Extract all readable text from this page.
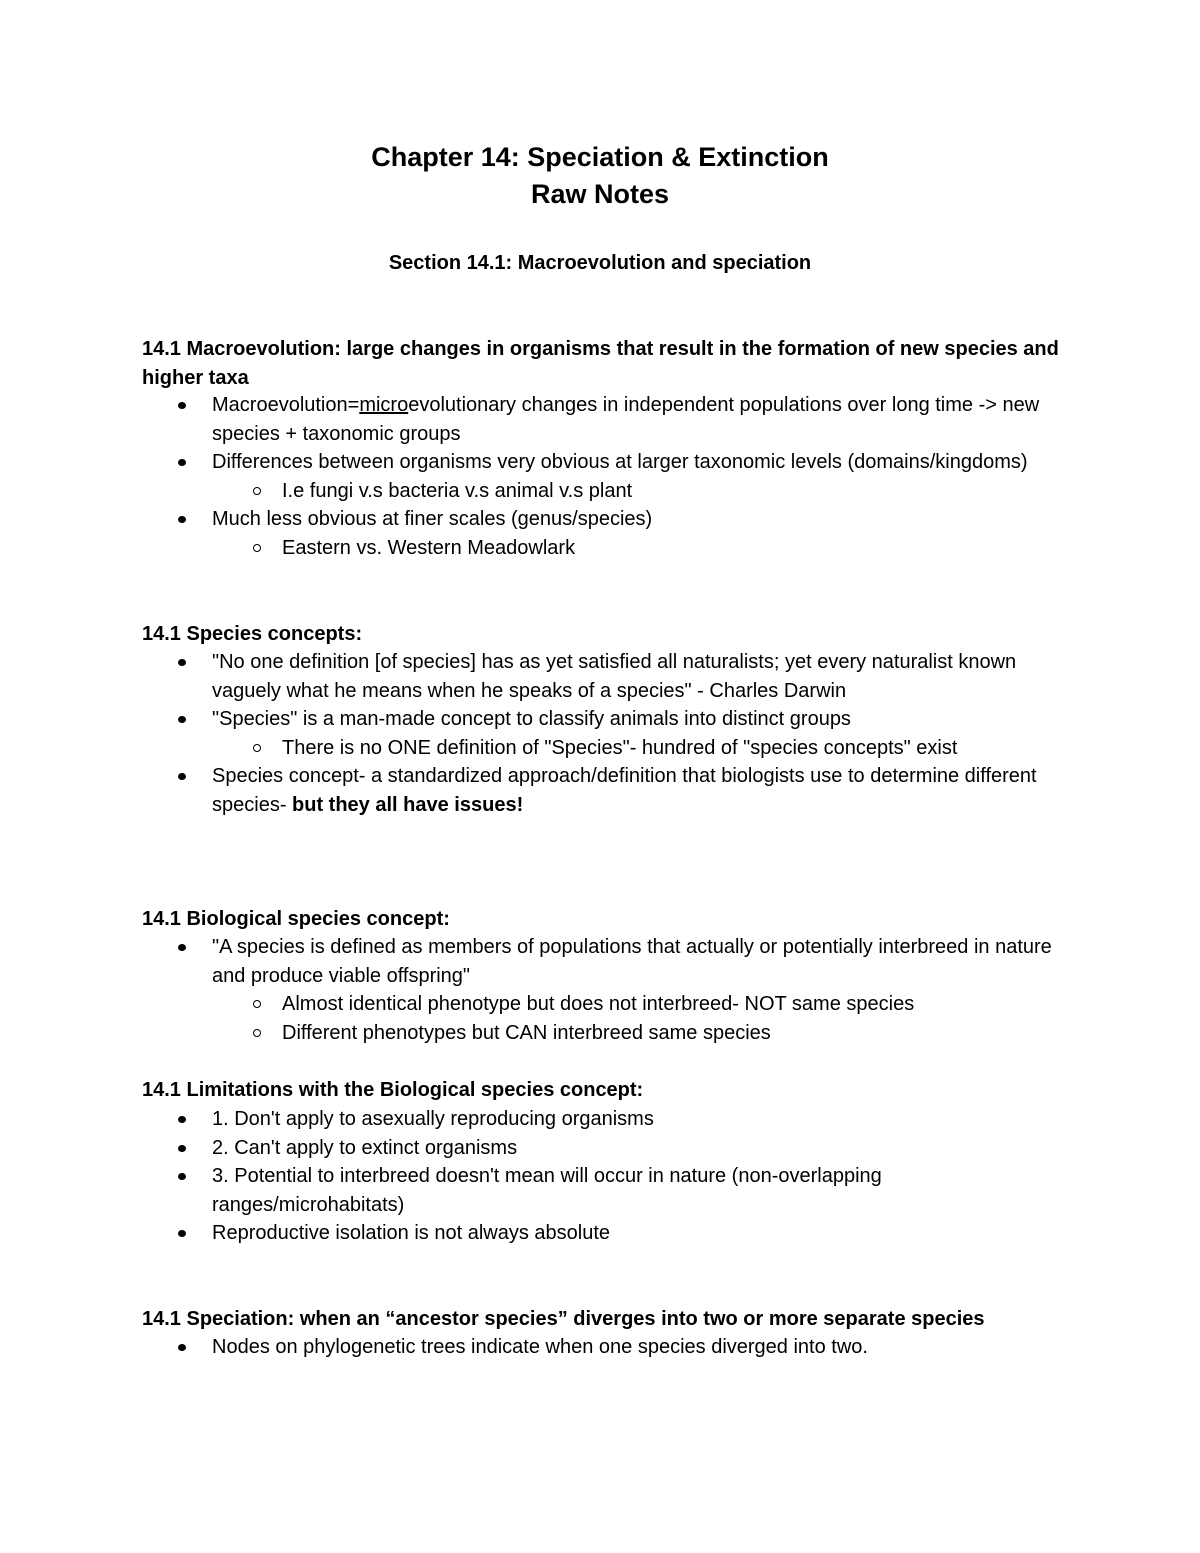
Chapter 14: Speciation & Extinction
Raw Notes
Section 14.1: Macroevolution and speciation
14.1 Macroevolution: large changes in organisms that result in the formation of new species and higher taxa
Macroevolution=microevolutionary changes in independent populations over long time -> new species + taxonomic groups
Differences between organisms very obvious at larger taxonomic levels (domains/kingdoms)
I.e fungi v.s bacteria v.s animal v.s plant
Much less obvious at finer scales (genus/species)
Eastern vs. Western Meadowlark
14.1 Species concepts:
"No one definition [of species] has as yet satisfied all naturalists; yet every naturalist known vaguely what he means when he speaks of a species" - Charles Darwin
"Species" is a man-made concept to classify animals into distinct groups
There is no ONE definition of "Species"- hundred of "species concepts" exist
Species concept- a standardized approach/definition that biologists use to determine different species- but they all have issues!
14.1 Biological species concept:
"A species is defined as members of populations that actually or potentially interbreed in nature and produce viable offspring"
Almost identical phenotype but does not interbreed- NOT same species
Different phenotypes but CAN interbreed same species
14.1 Limitations with the Biological species concept:
1. Don't apply to asexually reproducing organisms
2. Can't apply to extinct organisms
3. Potential to interbreed doesn't mean will occur in nature (non-overlapping ranges/microhabitats)
Reproductive isolation is not always absolute
14.1 Speciation: when an “ancestor species” diverges into two or more separate species
Nodes on phylogenetic trees indicate when one species diverged into two.
